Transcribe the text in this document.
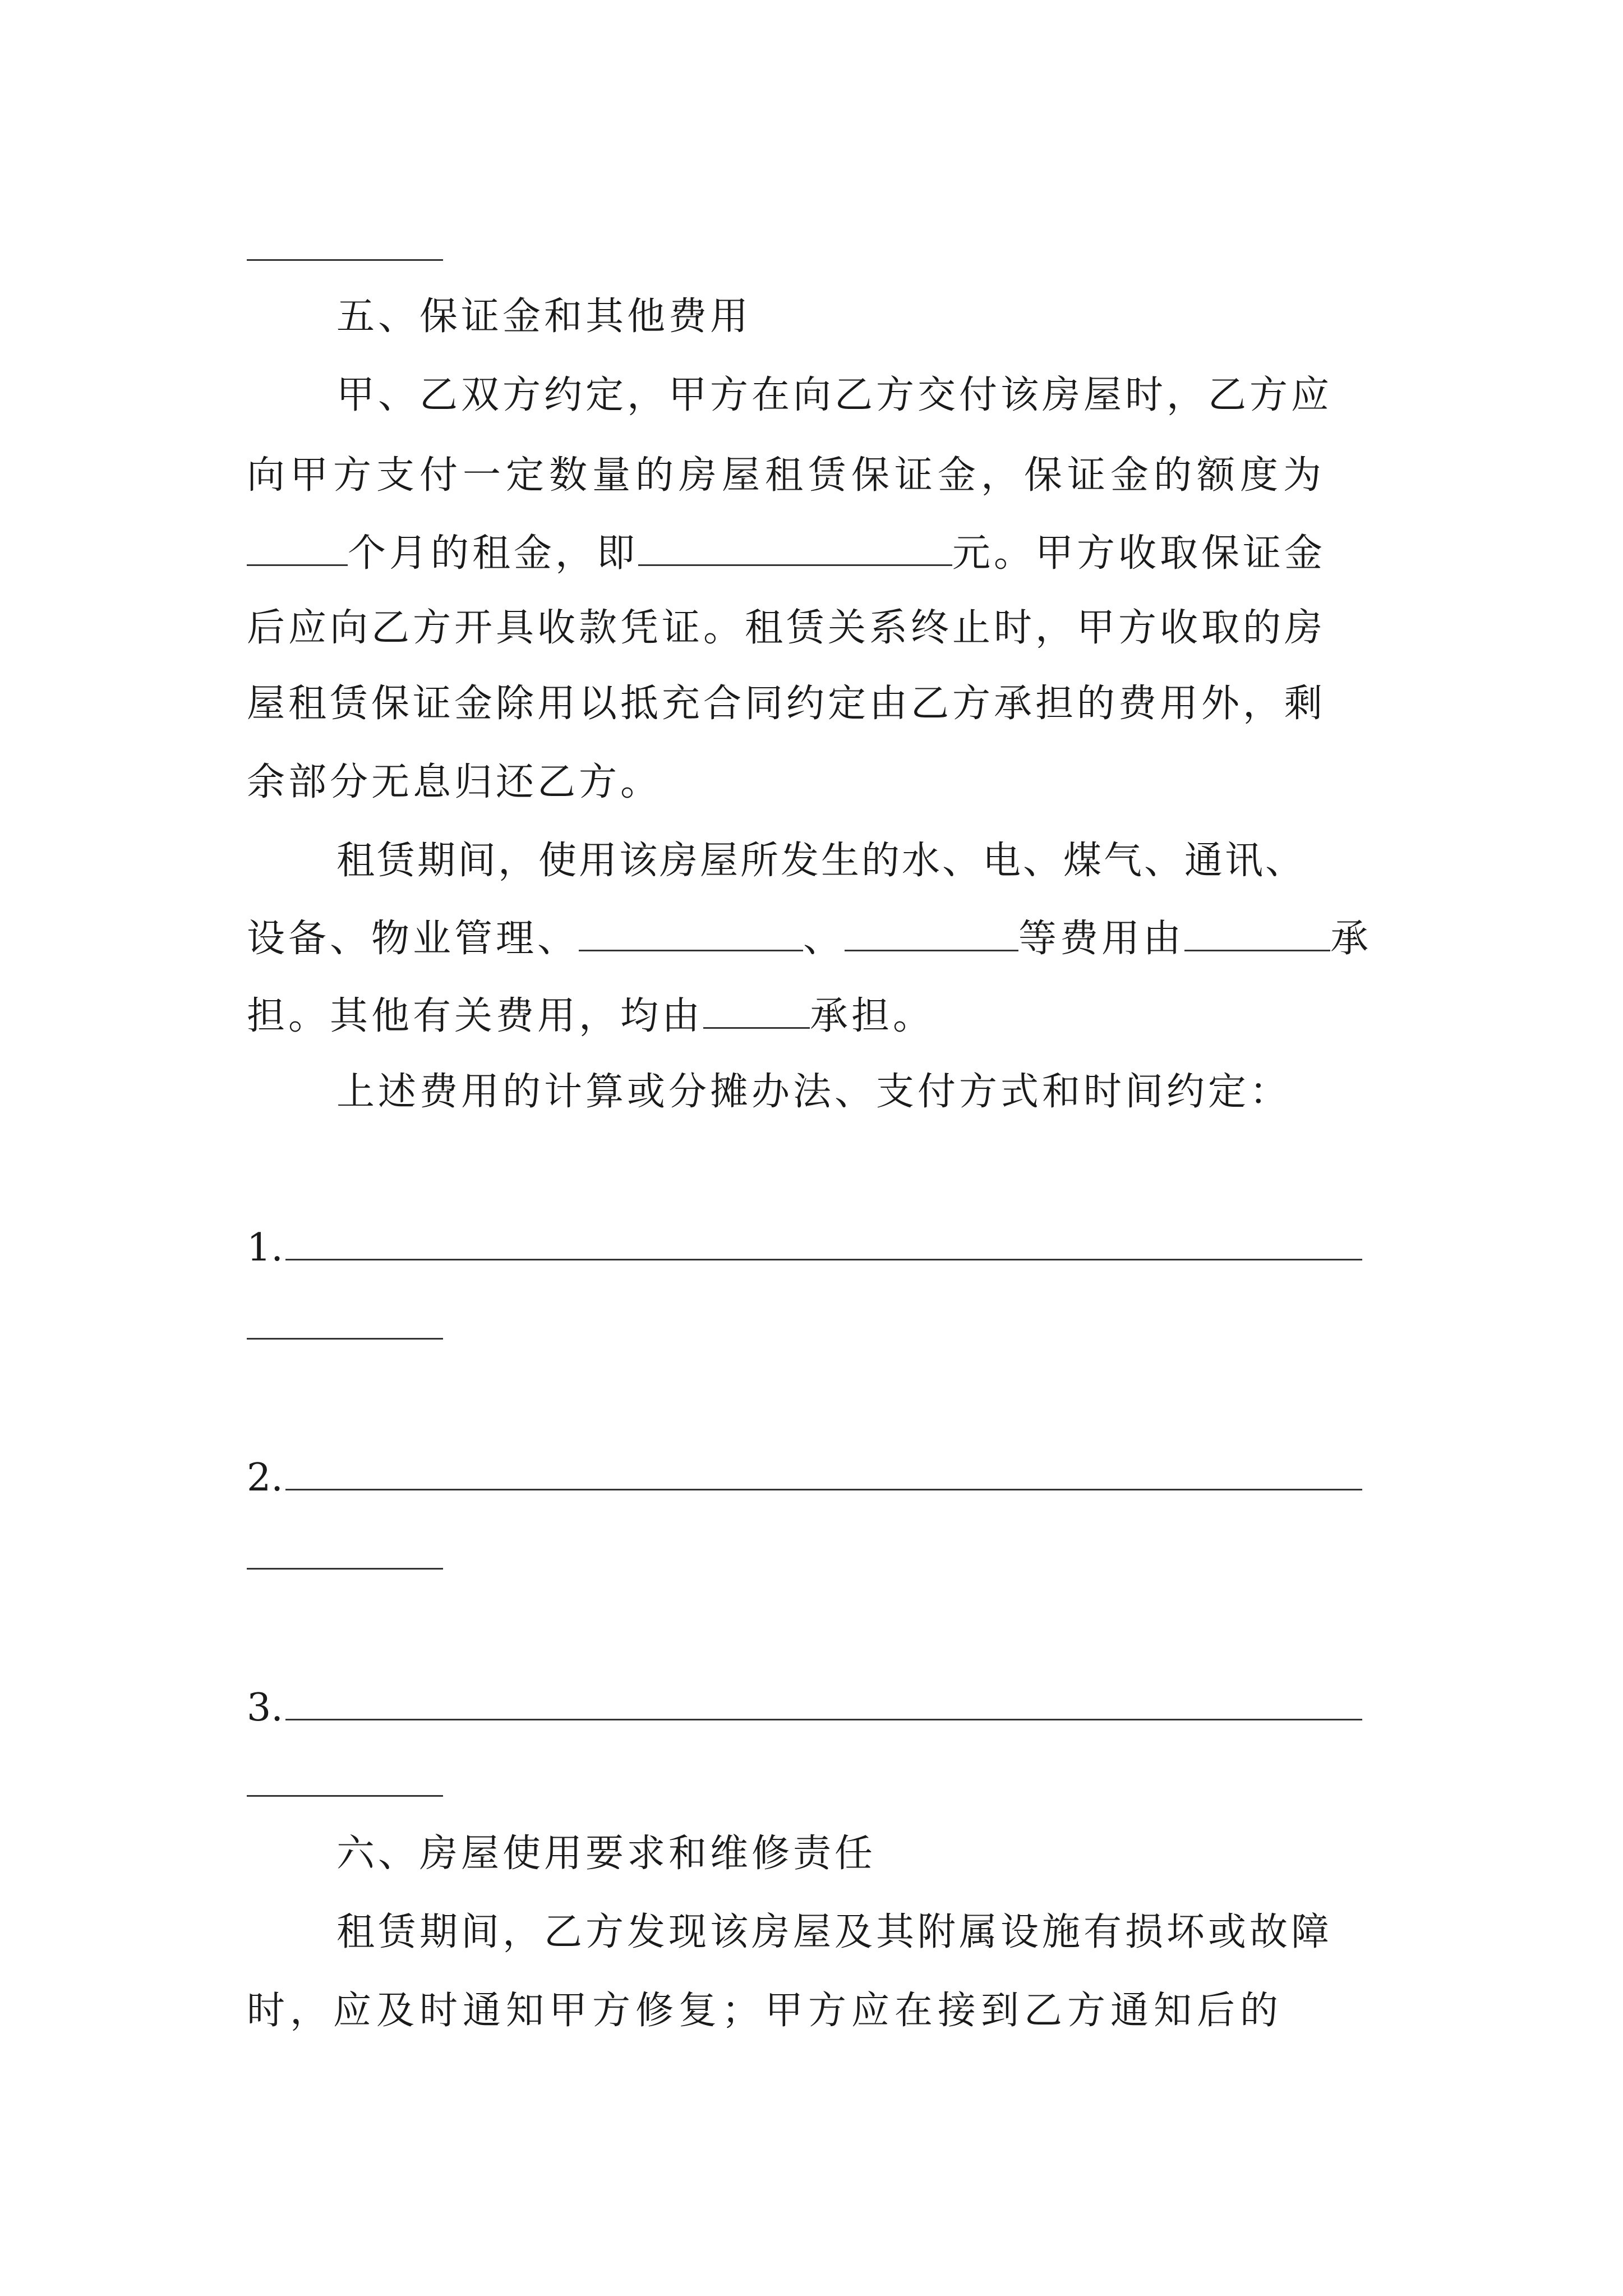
五、保证金和其他费用
甲、乙双方约定，甲方在向乙方交付该房屋时，乙方应
向甲方支付一定数量的房屋租赁保证金，保证金的额度为
个月的租金，即	元。甲方收取保证金
后应向乙方开具收款凭证。租赁关系终止时，甲方收取的房
屋租赁保证金除用以抵充合同约定由乙方承担的费用外，剩
余部分无息归还乙方。
租赁期间，使用该房屋所发生的水、电、煤气、通讯、
设备、物业管理、	、	等费用由	承
担。其他有关费用，均由	承担。
上述费用的计算或分摊办法、支付方式和时间约定：
1.
2.
3.
六、房屋使用要求和维修责任
租赁期间，乙方发现该房屋及其附属设施有损坏或故障
时，应及时通知甲方修复；甲方应在接到乙方通知后的
